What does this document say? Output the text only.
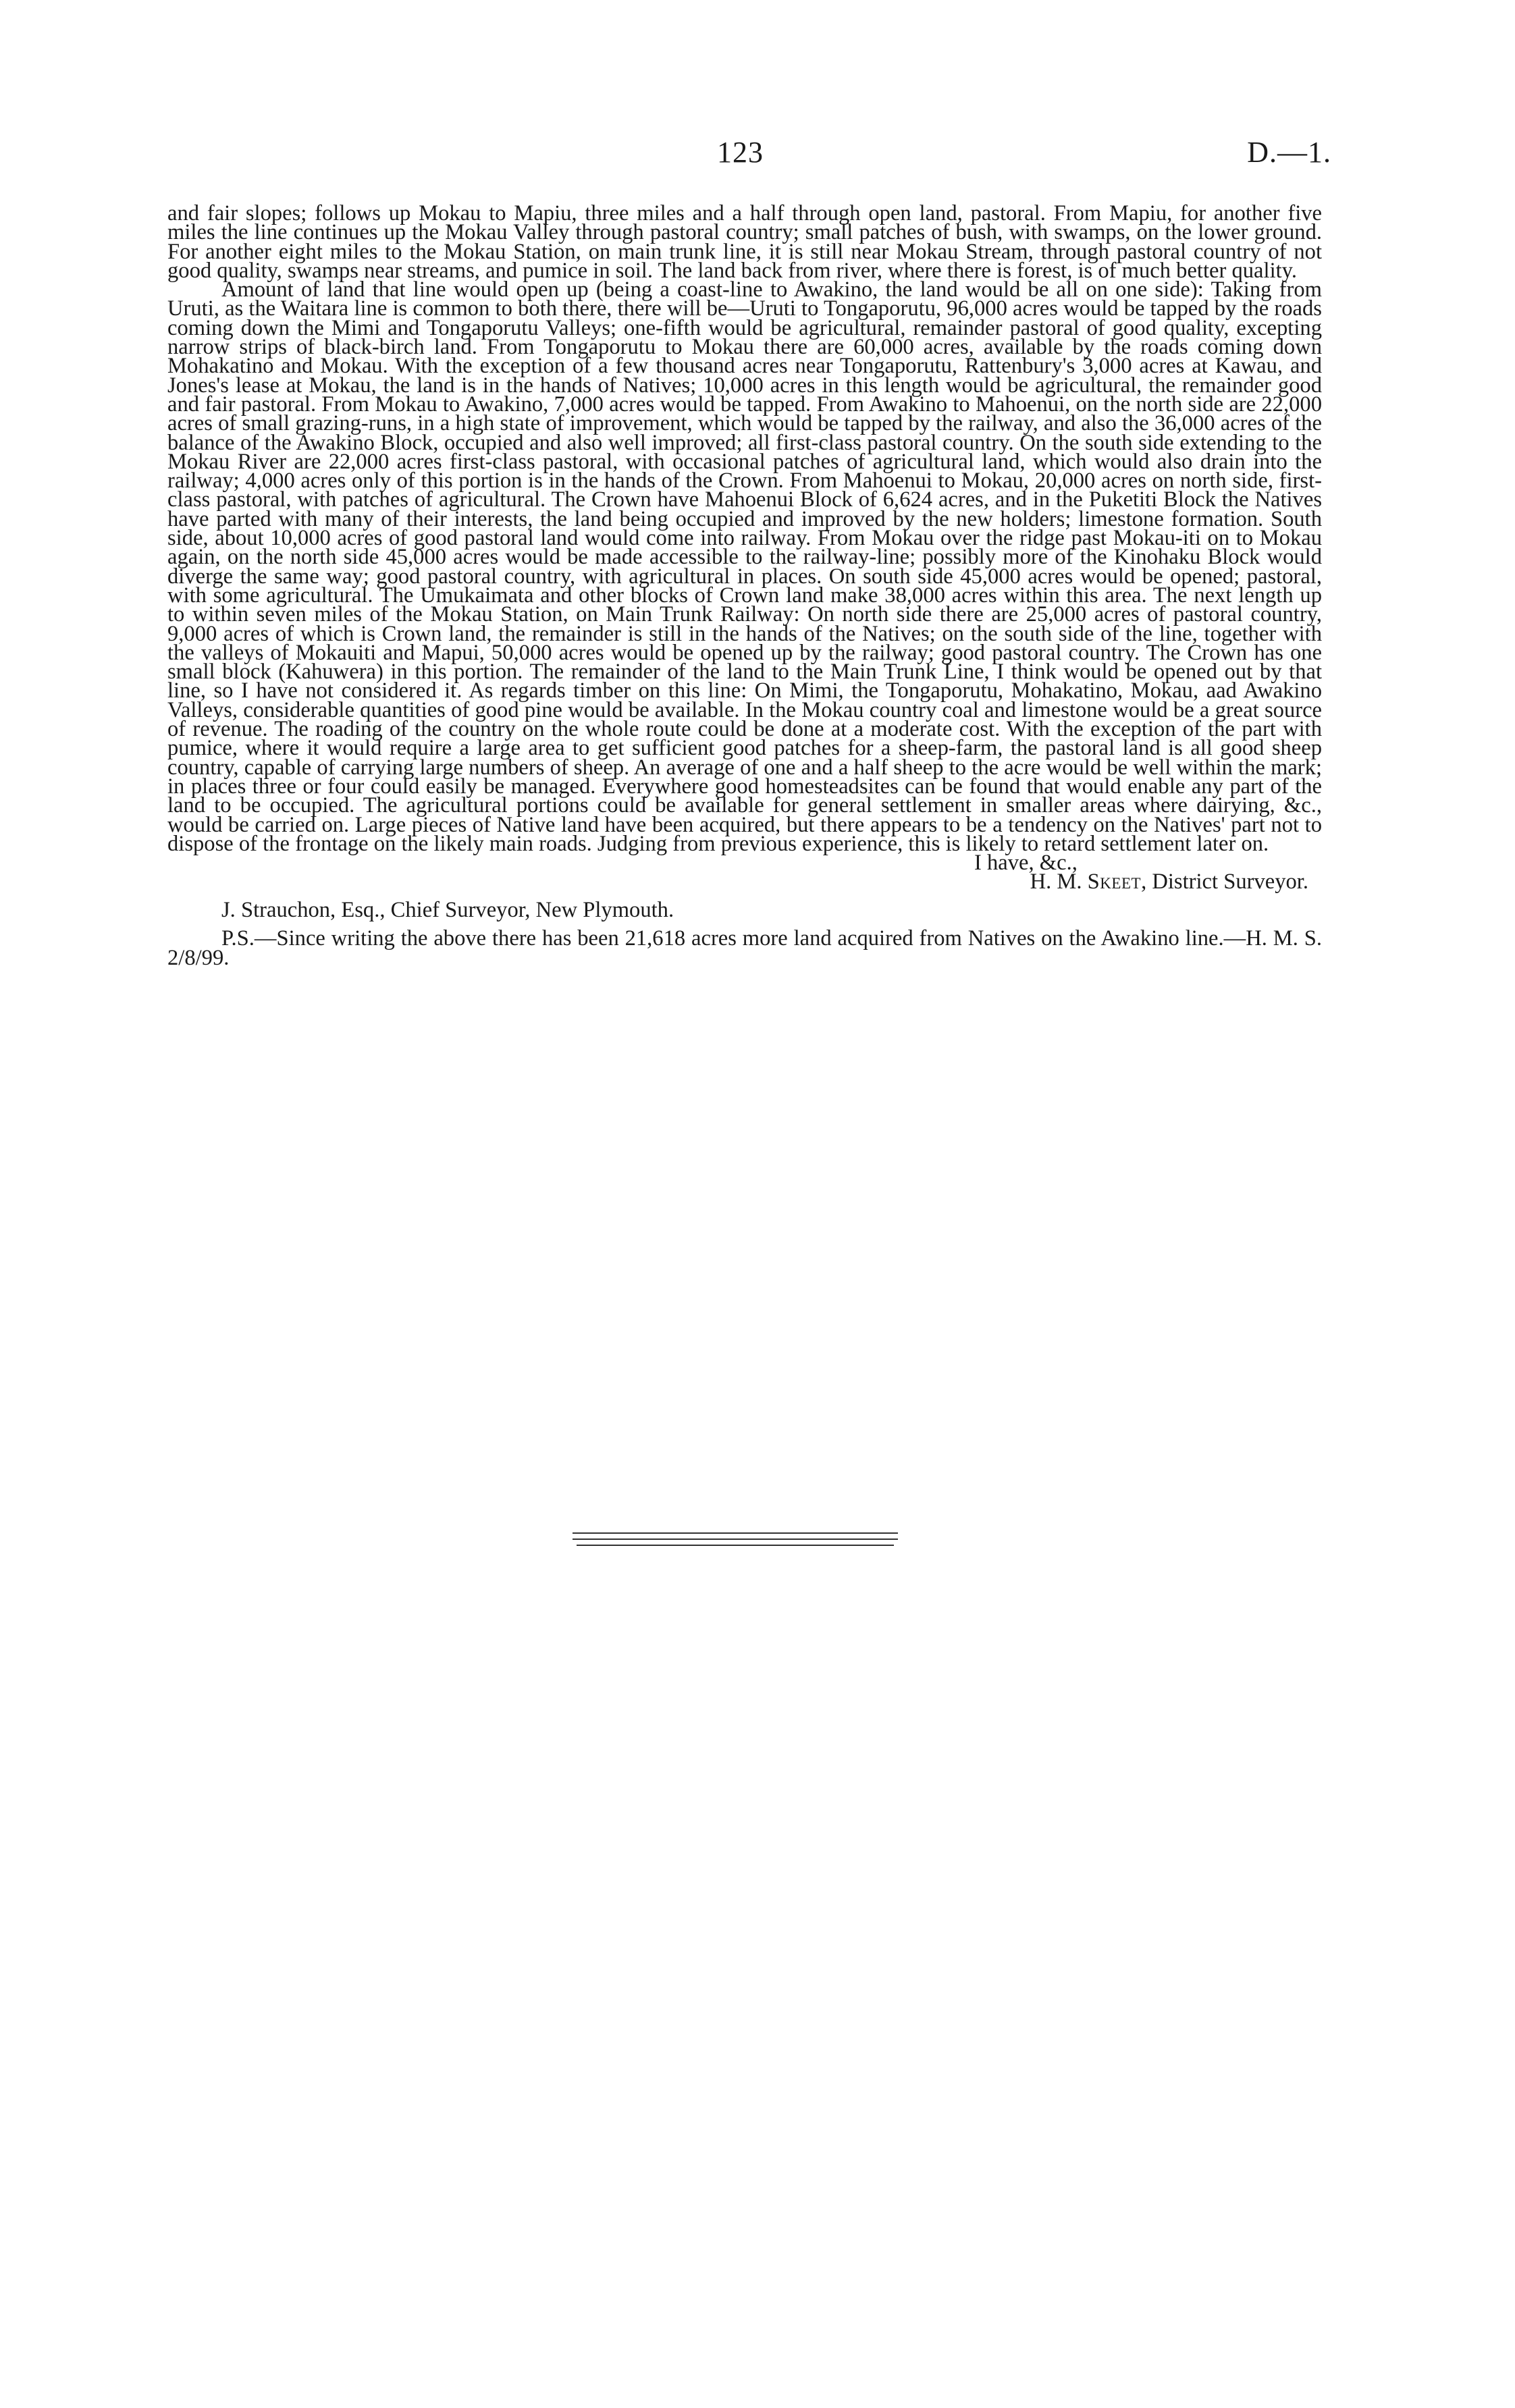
123	D.—1.

and fair slopes; follows up Mokau to Mapiu, three miles and a half through open land, pastoral. From Mapiu, for another five miles the line continues up the Mokau Valley through pastoral country; small patches of bush, with swamps, on the lower ground. For another eight miles to the Mokau Station, on main trunk line, it is still near Mokau Stream, through pastoral country of not good quality, swamps near streams, and pumice in soil. The land back from river, where there is forest, is of much better quality.

Amount of land that line would open up (being a coast-line to Awakino, the land would be all on one side): Taking from Uruti, as the Waitara line is common to both there, there will be—Uruti to Tongaporutu, 96,000 acres would be tapped by the roads coming down the Mimi and Tongaporutu Valleys; one-fifth would be agricultural, remainder pastoral of good quality, excepting narrow strips of black-birch land. From Tongaporutu to Mokau there are 60,000 acres, available by the roads coming down Mohakatino and Mokau. With the exception of a few thousand acres near Tongaporutu, Rattenbury's 3,000 acres at Kawau, and Jones's lease at Mokau, the land is in the hands of Natives; 10,000 acres in this length would be agricultural, the remainder good and fair pastoral. From Mokau to Awakino, 7,000 acres would be tapped. From Awakino to Mahoenui, on the north side are 22,000 acres of small grazing-runs, in a high state of improvement, which would be tapped by the railway, and also the 36,000 acres of the balance of the Awakino Block, occupied and also well improved; all first-class pastoral country. On the south side extending to the Mokau River are 22,000 acres first-class pastoral, with occasional patches of agricultural land, which would also drain into the railway; 4,000 acres only of this portion is in the hands of the Crown. From Mahoenui to Mokau, 20,000 acres on north side, first-class pastoral, with patches of agricultural. The Crown have Mahoenui Block of 6,624 acres, and in the Puketiti Block the Natives have parted with many of their interests, the land being occupied and improved by the new holders; limestone formation. South side, about 10,000 acres of good pastoral land would come into railway. From Mokau over the ridge past Mokau-iti on to Mokau again, on the north side 45,000 acres would be made accessible to the railway-line; possibly more of the Kinohaku Block would diverge the same way; good pastoral country, with agricultural in places. On south side 45,000 acres would be opened; pastoral, with some agricultural. The Umukaimata and other blocks of Crown land make 38,000 acres within this area. The next length up to within seven miles of the Mokau Station, on Main Trunk Railway: On north side there are 25,000 acres of pastoral country, 9,000 acres of which is Crown land, the remainder is still in the hands of the Natives; on the south side of the line, together with the valleys of Mokauiti and Mapui, 50,000 acres would be opened up by the railway; good pastoral country. The Crown has one small block (Kahuwera) in this portion. The remainder of the land to the Main Trunk Line, I think would be opened out by that line, so I have not considered it. As regards timber on this line: On Mimi, the Tongaporutu, Mohakatino, Mokau, aad Awakino Valleys, considerable quantities of good pine would be available. In the Mokau country coal and limestone would be a great source of revenue. The roading of the country on the whole route could be done at a moderate cost. With the exception of the part with pumice, where it would require a large area to get sufficient good patches for a sheep-farm, the pastoral land is all good sheep country, capable of carrying large numbers of sheep. An average of one and a half sheep to the acre would be well within the mark; in places three or four could easily be managed. Everywhere good homesteadsites can be found that would enable any part of the land to be occupied. The agricultural portions could be available for general settlement in smaller areas where dairying, &c., would be carried on. Large pieces of Native land have been acquired, but there appears to be a tendency on the Natives' part not to dispose of the frontage on the likely main roads. Judging from previous experience, this is likely to retard settlement later on.

I have, &c.,
H. M. Skeet, District Surveyor.

J. Strauchon, Esq., Chief Surveyor, New Plymouth.

P.S.—Since writing the above there has been 21,618 acres more land acquired from Natives on the Awakino line.—H. M. S. 2/8/99.
